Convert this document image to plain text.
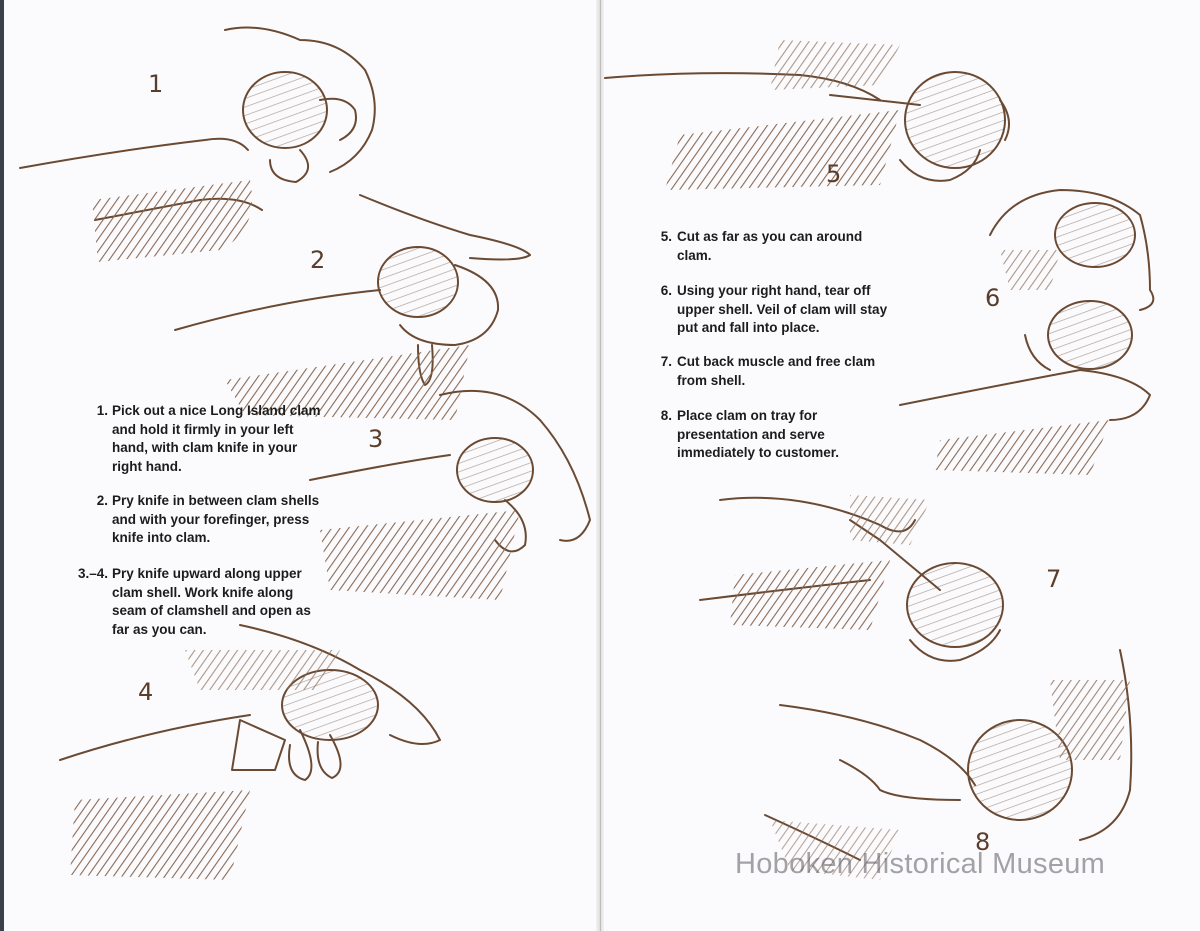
1
2
3
4
5
6
7
8
1. Pick out a nice Long Island clam and hold it firmly in your left hand, with clam knife in your right hand.
2. Pry knife in between clam shells and with your forefinger, press knife into clam.
3.–4. Pry knife upward along upper clam shell. Work knife along seam of clamshell and open as far as you can.
5. Cut as far as you can around clam.
6. Using your right hand, tear off upper shell. Veil of clam will stay put and fall into place.
7. Cut back muscle and free clam from shell.
8. Place clam on tray for presentation and serve immediately to customer.
Hoboken Historical Museum
